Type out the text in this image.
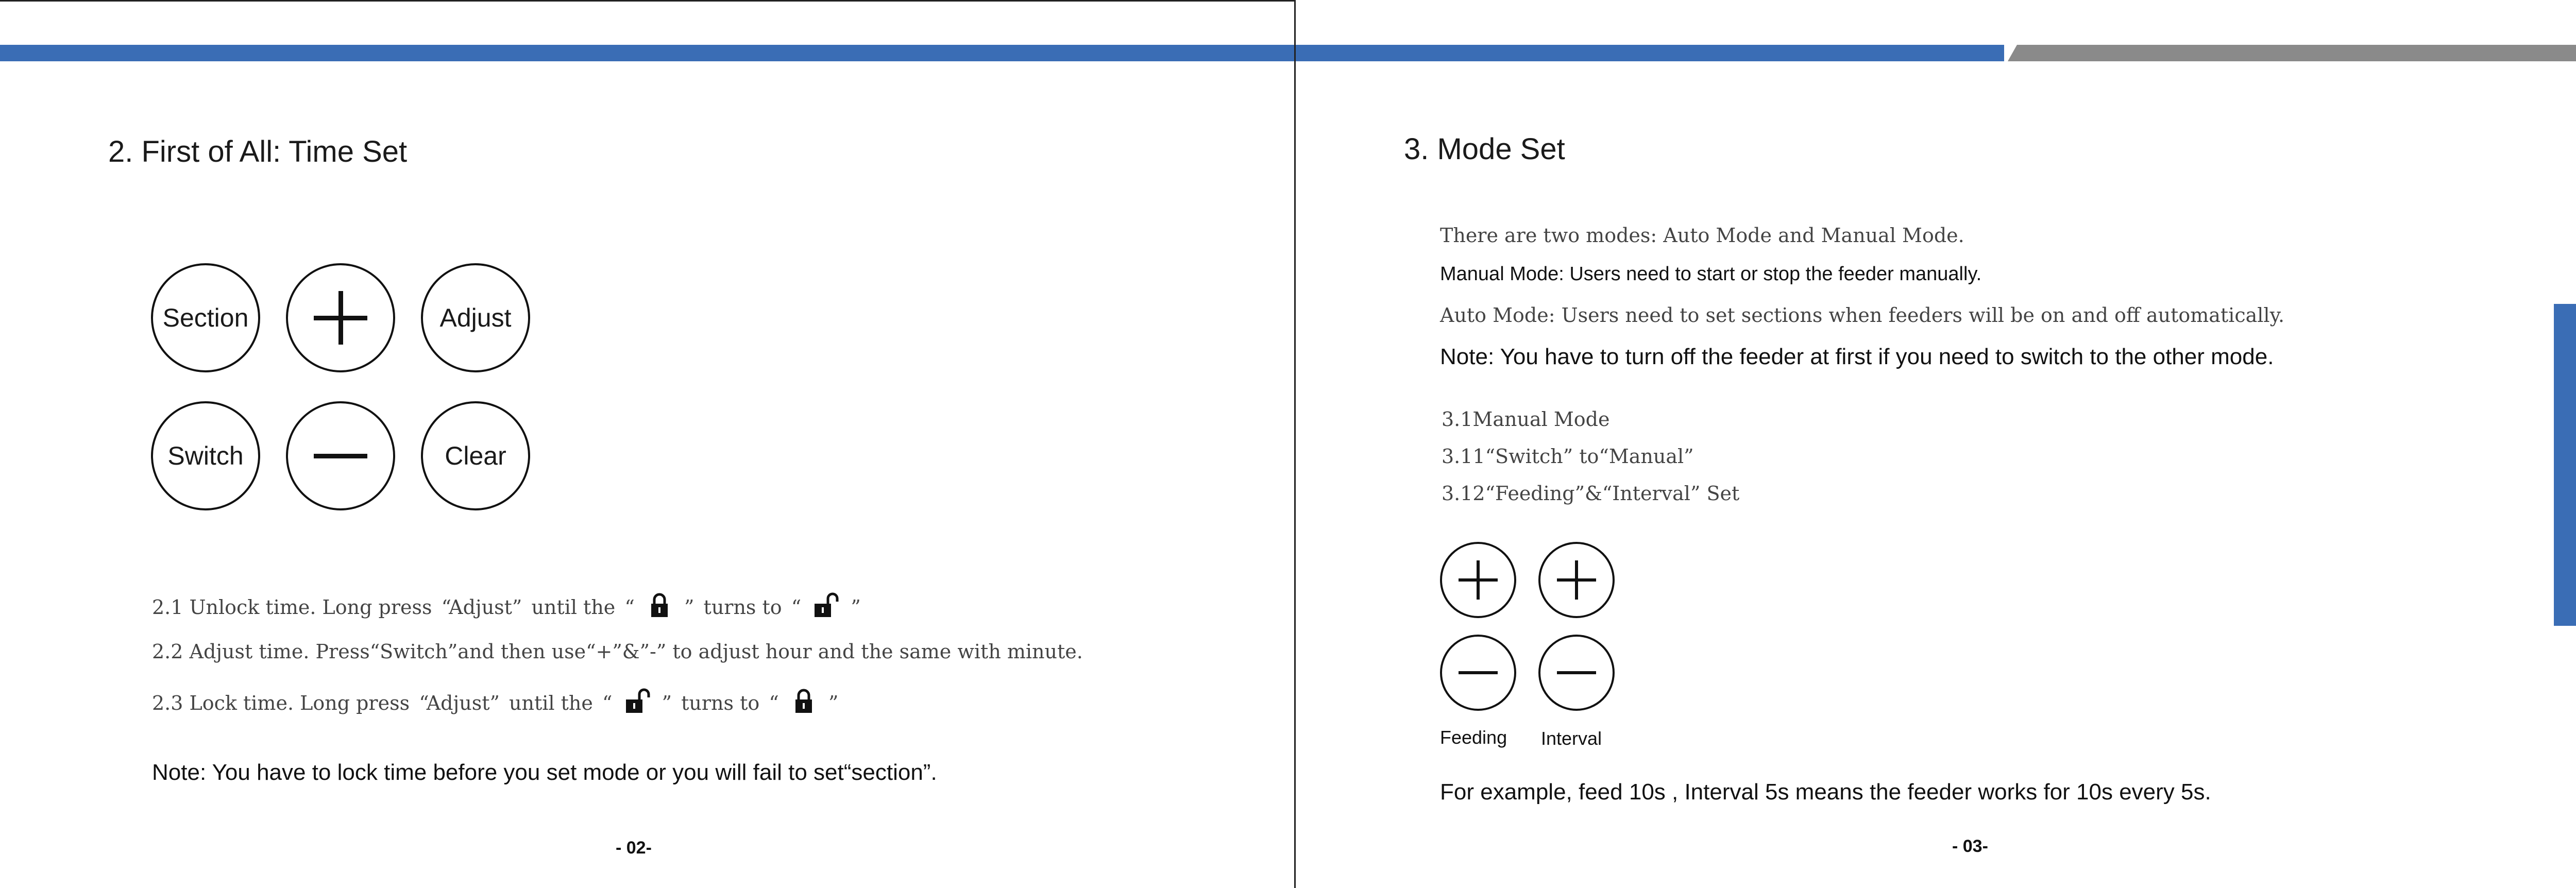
2. First of All: Time Set
Section	Adjust
Switch	Clear
2.1 Unlock time. Long press “Adjust” until the “	” turns to “	”
2.2 Adjust time. Press“Switch”and then use“+”&”-” to adjust hour and the same with minute.
2.3 Lock time. Long press “Adjust” until the “	” turns to “	”
Note: You have to lock time before you set mode or you will fail to set“section”.
- 02-
3. Mode Set
There are two modes: Auto Mode and Manual Mode.
Manual Mode: Users need to start or stop the feeder manually.
Auto Mode: Users need to set sections when feeders will be on and off automatically.
Note: You have to turn off the feeder at first if you need to switch to the other mode.
3.1Manual Mode
3.11“Switch” to“Manual”
3.12“Feeding”&“Interval” Set
Feeding Interval
For example, feed 10s , Interval 5s means the feeder works for 10s every 5s.
- 03-
